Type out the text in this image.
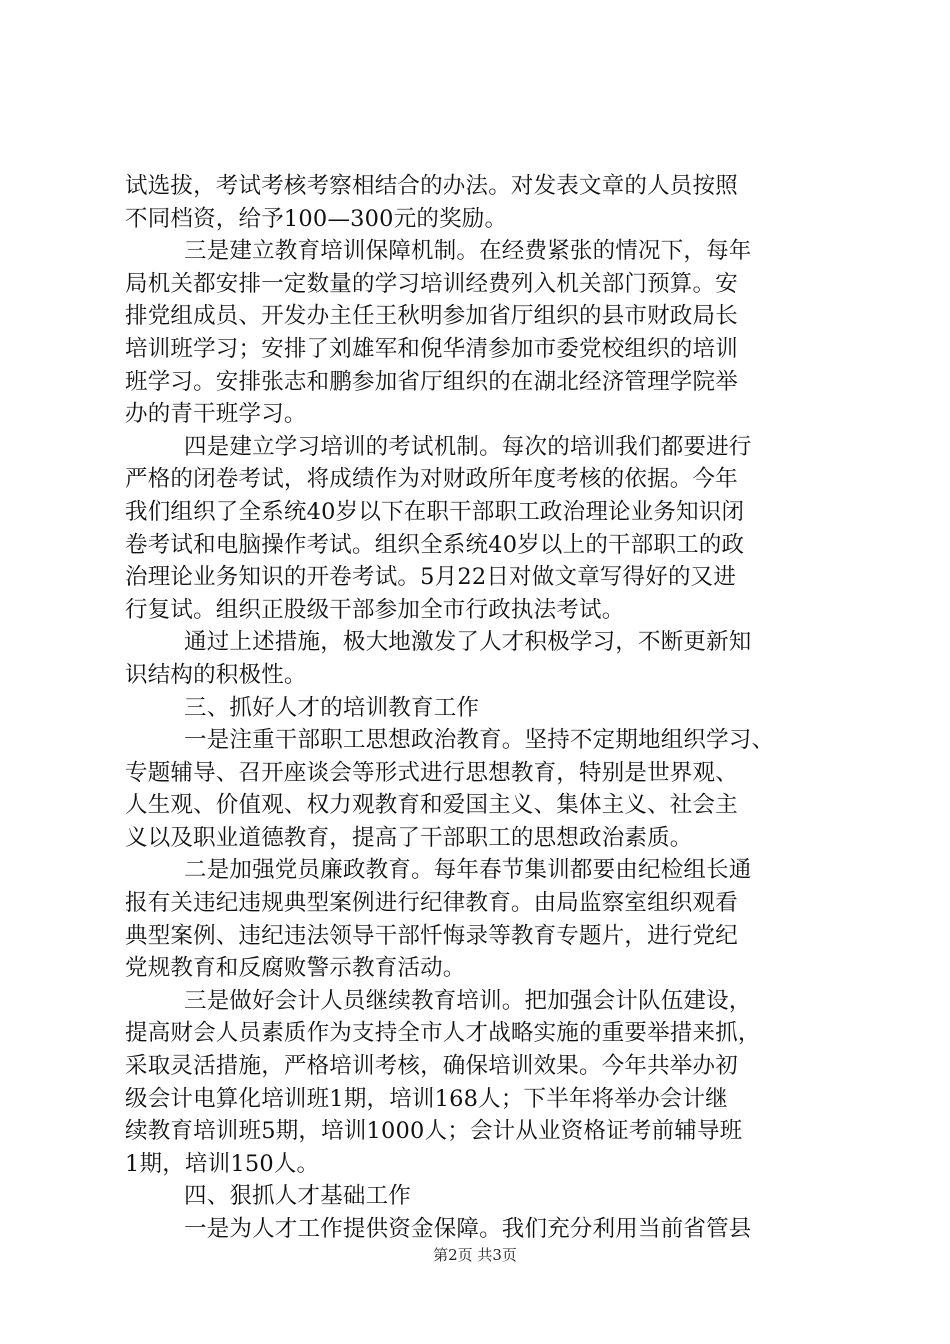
试选拔，考试考核考察相结合的办法。对发表文章的人员按照
不同档资，给予100—300元的奖励。
三是建立教育培训保障机制。在经费紧张的情况下，每年
局机关都安排一定数量的学习培训经费列入机关部门预算。安
排党组成员、开发办主任王秋明参加省厅组织的县市财政局长
培训班学习；安排了刘雄军和倪华清参加市委党校组织的培训
班学习。安排张志和鹏参加省厅组织的在湖北经济管理学院举
办的青干班学习。
四是建立学习培训的考试机制。每次的培训我们都要进行
严格的闭卷考试，将成绩作为对财政所年度考核的依据。今年
我们组织了全系统40岁以下在职干部职工政治理论业务知识闭
卷考试和电脑操作考试。组织全系统40岁以上的干部职工的政
治理论业务知识的开卷考试。5月22日对做文章写得好的又进
行复试。组织正股级干部参加全市行政执法考试。
通过上述措施，极大地激发了人才积极学习，不断更新知
识结构的积极性。
三、抓好人才的培训教育工作
一是注重干部职工思想政治教育。坚持不定期地组织学习、
专题辅导、召开座谈会等形式进行思想教育，特别是世界观、
人生观、价值观、权力观教育和爱国主义、集体主义、社会主
义以及职业道德教育，提高了干部职工的思想政治素质。
二是加强党员廉政教育。每年春节集训都要由纪检组长通
报有关违纪违规典型案例进行纪律教育。由局监察室组织观看
典型案例、违纪违法领导干部忏悔录等教育专题片，进行党纪
党规教育和反腐败警示教育活动。
三是做好会计人员继续教育培训。把加强会计队伍建设，
提高财会人员素质作为支持全市人才战略实施的重要举措来抓，
采取灵活措施，严格培训考核，确保培训效果。今年共举办初
级会计电算化培训班1期，培训168人；下半年将举办会计继
续教育培训班5期，培训1000人；会计从业资格证考前辅导班
1期，培训150人。
四、狠抓人才基础工作
一是为人才工作提供资金保障。我们充分利用当前省管县
第2页 共3页
